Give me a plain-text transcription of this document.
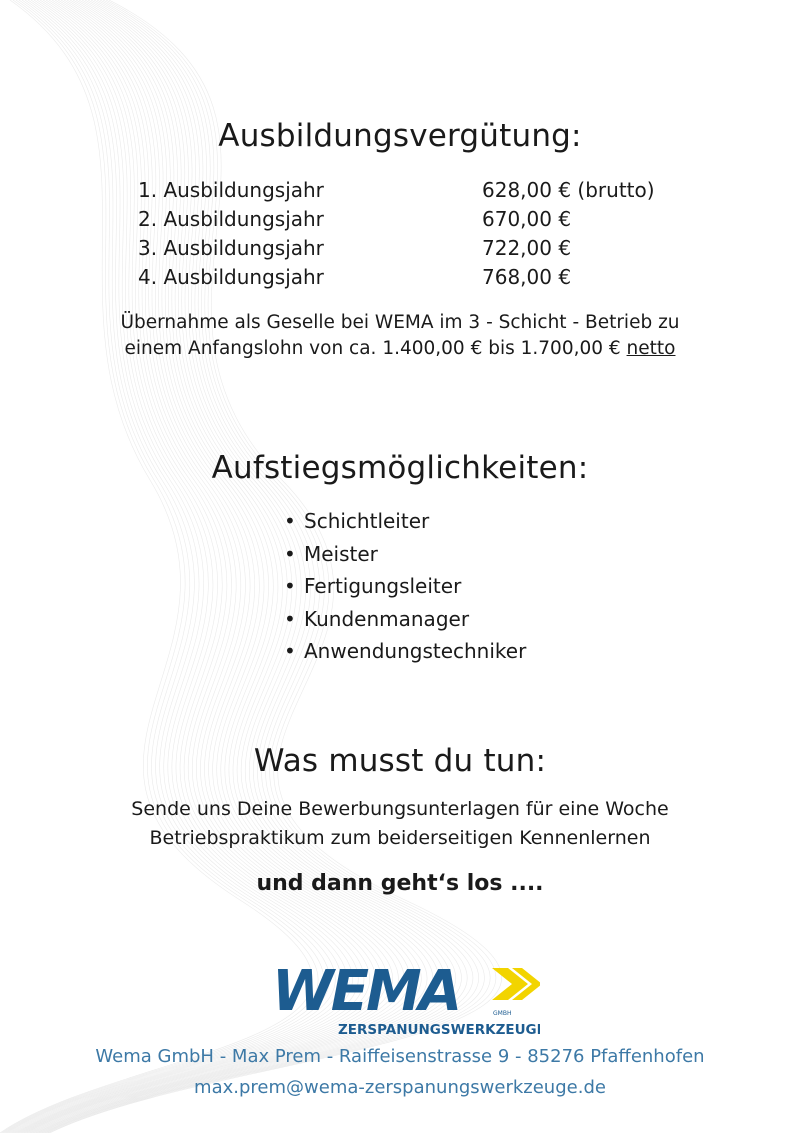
Ausbildungsvergütung:
1. Ausbildungsjahr	628,00 € (brutto)
2. Ausbildungsjahr	670,00 €
3. Ausbildungsjahr	722,00 €
4. Ausbildungsjahr	768,00 €

Übernahme als Geselle bei WEMA im 3 - Schicht - Betrieb zu

einem Anfangslohn von ca. 1.400,00 € bis 1.700,00 € netto

Aufstiegsmöglichkeiten:
• Schichtleiter
• Meister
• Fertigungsleiter
• Kundenmanager
• Anwendungstechniker
Was musst du tun:

Sende uns Deine Bewerbungsunterlagen für eine Woche

Betriebspraktikum zum beiderseitigen Kennenlernen

und dann geht‘s los ....
WEMA	GMBH
ZERSPANUNGSWERKZEUGE
Wema GmbH - Max Prem - Raiffeisenstrasse 9 - 85276 Pfaffenhofen
max.prem@wema-zerspanungswerkzeuge.de
